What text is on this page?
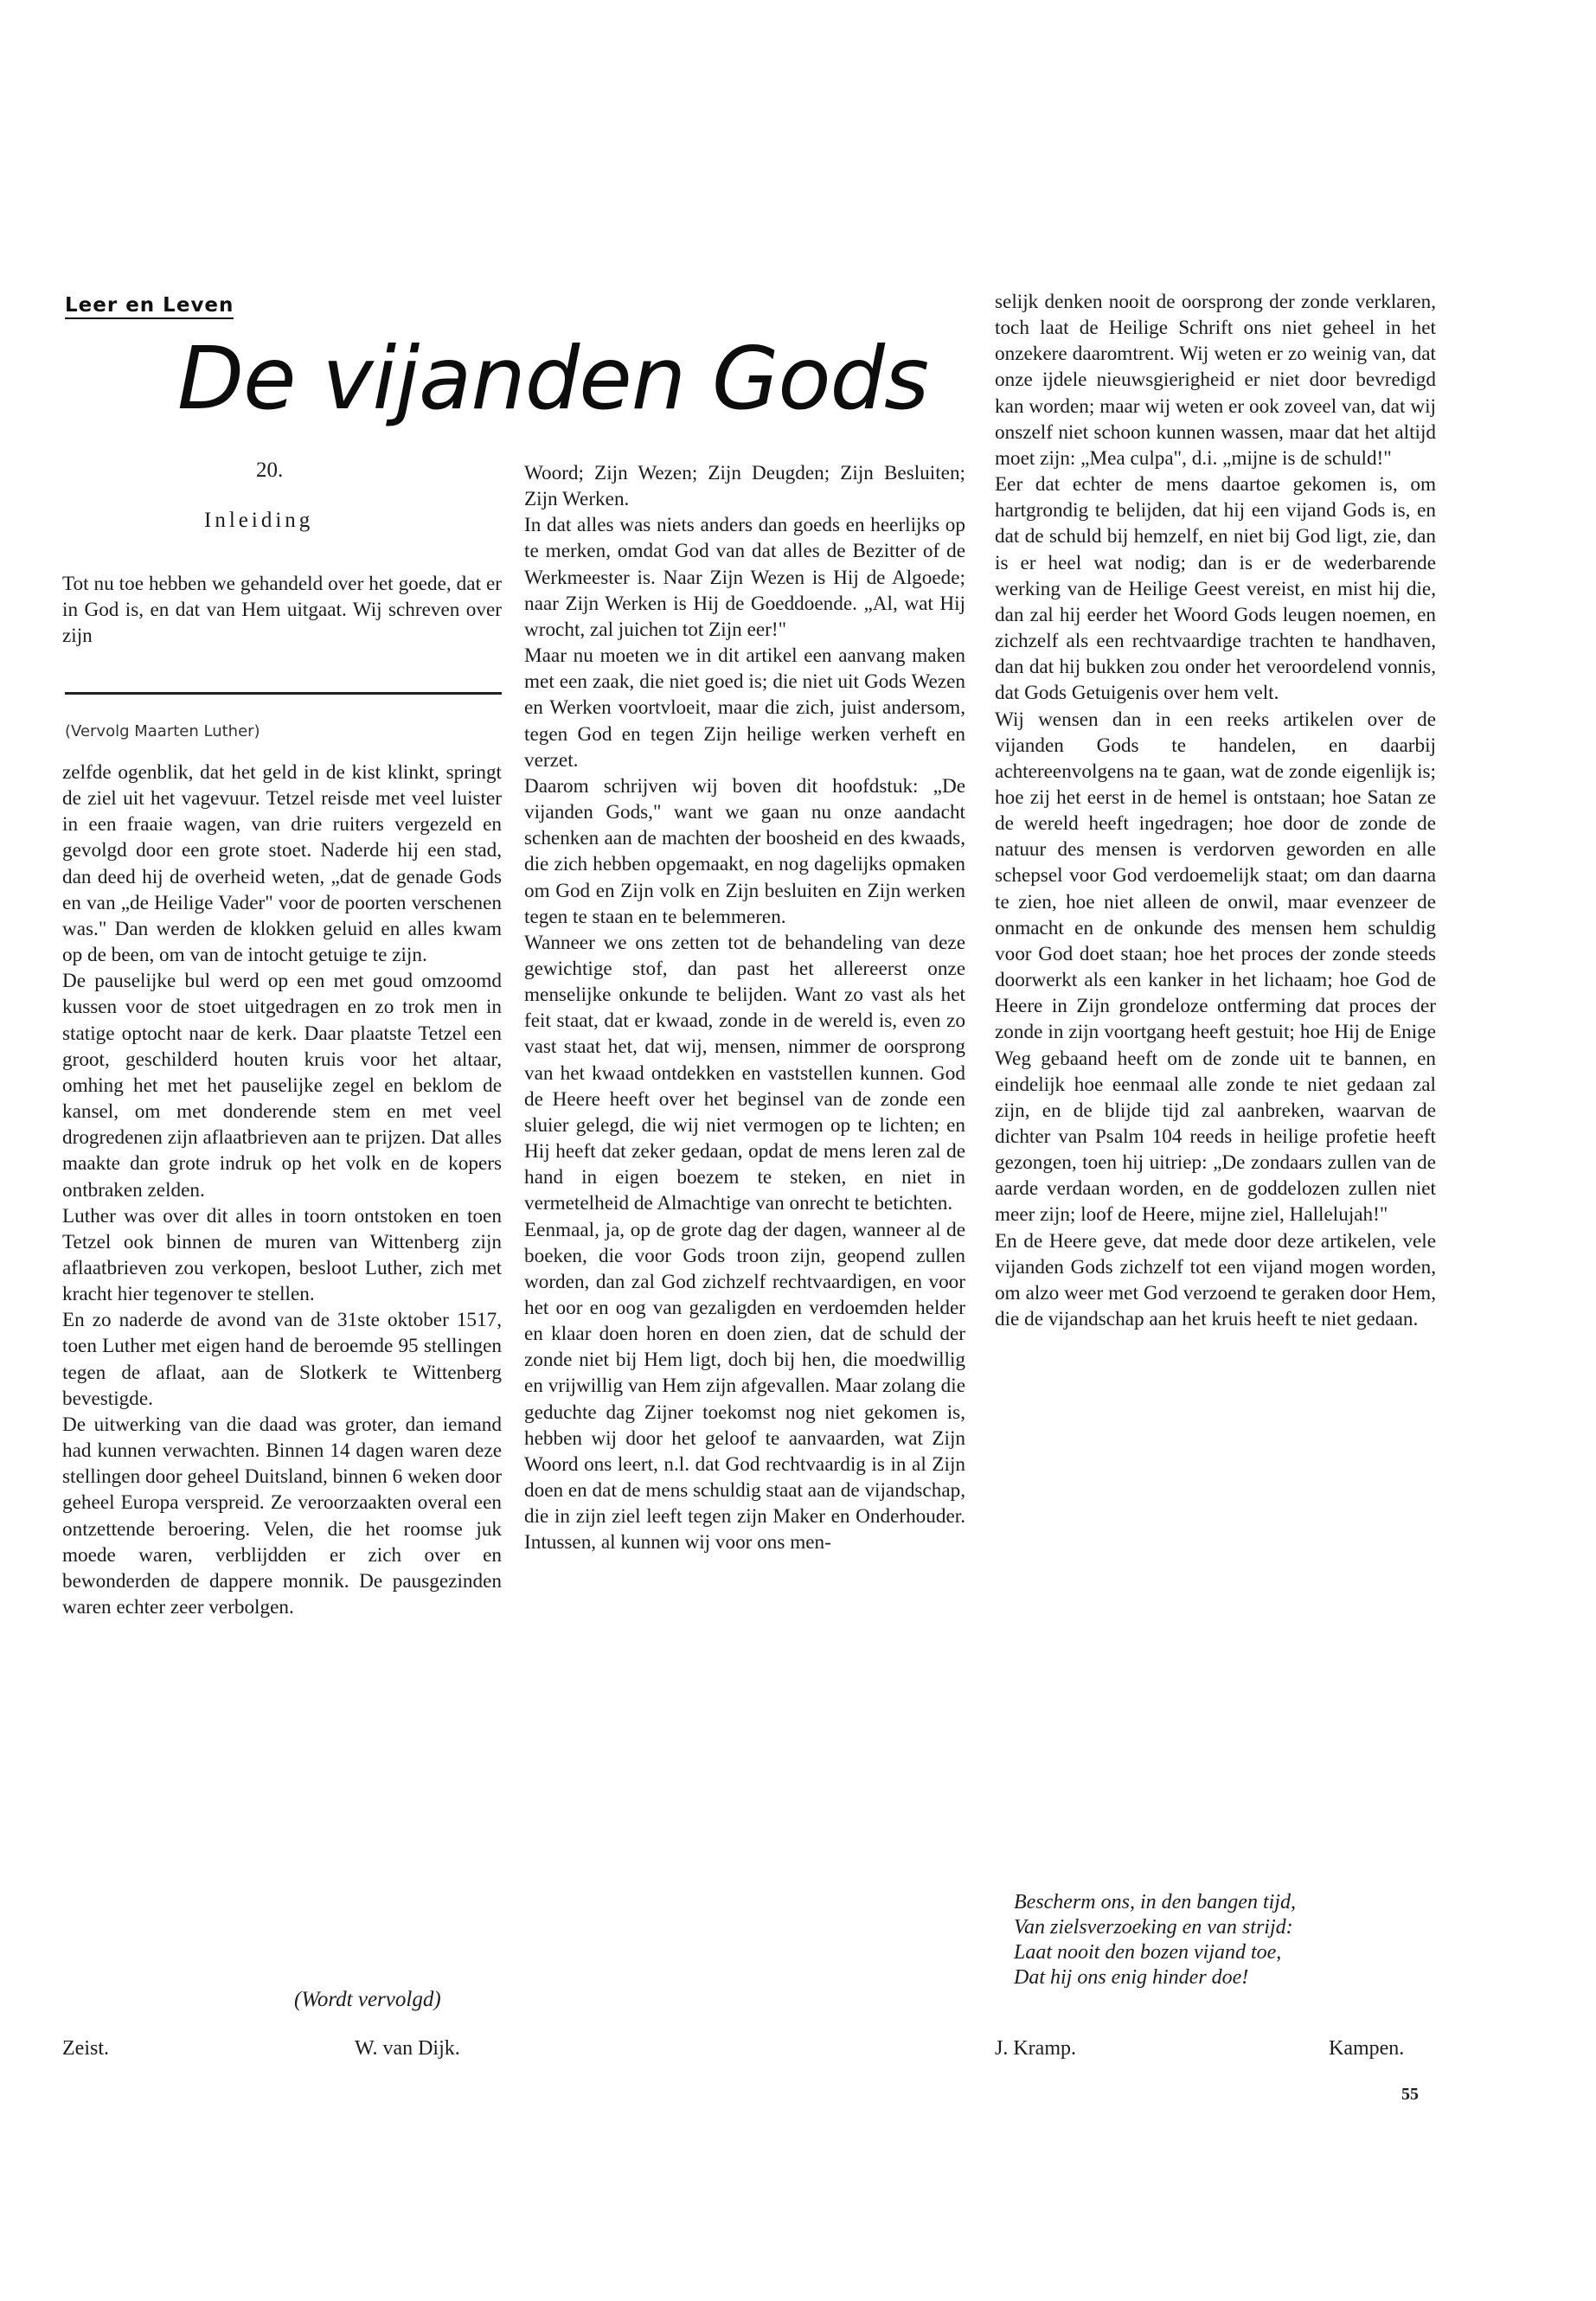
Leer en Leven
De vijanden Gods
20.
Inleiding

Tot nu toe hebben we gehandeld over het goede, dat er in God is, en dat van Hem uitgaat. Wij schreven over zijn

(Vervolg Maarten Luther)

zelfde ogenblik, dat het geld in de kist klinkt, springt de ziel uit het vagevuur. Tetzel reisde met veel luister in een fraaie wagen, van drie ruiters vergezeld en gevolgd door een grote stoet. Naderde hij een stad, dan deed hij de overheid weten, „dat de genade Gods en van „de Heilige Vader" voor de poorten verschenen was." Dan werden de klokken geluid en alles kwam op de been, om van de intocht getuige te zijn.

De pauselijke bul werd op een met goud omzoomd kussen voor de stoet uitgedragen en zo trok men in statige optocht naar de kerk. Daar plaatste Tetzel een groot, geschilderd houten kruis voor het altaar, omhing het met het pauselijke zegel en beklom de kansel, om met donderende stem en met veel drogredenen zijn aflaatbrieven aan te prijzen. Dat alles maakte dan grote indruk op het volk en de kopers ontbraken zelden.

Luther was over dit alles in toorn ontstoken en toen Tetzel ook binnen de muren van Wittenberg zijn aflaatbrieven zou verkopen, besloot Luther, zich met kracht hier tegenover te stellen.

En zo naderde de avond van de 31ste oktober 1517, toen Luther met eigen hand de beroemde 95 stellingen tegen de aflaat, aan de Slotkerk te Wittenberg bevestigde.

De uitwerking van die daad was groter, dan iemand had kunnen verwachten. Binnen 14 dagen waren deze stellingen door geheel Duitsland, binnen 6 weken door geheel Europa verspreid. Ze veroorzaakten overal een ontzettende beroering. Velen, die het roomse juk moede waren, verblijdden er zich over en bewonderden de dappere monnik. De pausgezinden waren echter zeer verbolgen.

(Wordt vervolgd)
Zeist.	W. van Dijk.

Woord; Zijn Wezen; Zijn Deugden; Zijn Besluiten; Zijn Werken.

In dat alles was niets anders dan goeds en heerlijks op te merken, omdat God van dat alles de Bezitter of de Werkmeester is. Naar Zijn Wezen is Hij de Algoede; naar Zijn Werken is Hij de Goeddoende. „Al, wat Hij wrocht, zal juichen tot Zijn eer!"

Maar nu moeten we in dit artikel een aanvang maken met een zaak, die niet goed is; die niet uit Gods Wezen en Werken voortvloeit, maar die zich, juist andersom, tegen God en tegen Zijn heilige werken verheft en verzet.

Daarom schrijven wij boven dit hoofdstuk: „De vijanden Gods," want we gaan nu onze aandacht schenken aan de machten der boosheid en des kwaads, die zich hebben opgemaakt, en nog dagelijks opmaken om God en Zijn volk en Zijn besluiten en Zijn werken tegen te staan en te belemmeren.

Wanneer we ons zetten tot de behandeling van deze gewichtige stof, dan past het allereerst onze menselijke onkunde te belijden. Want zo vast als het feit staat, dat er kwaad, zonde in de wereld is, even zo vast staat het, dat wij, mensen, nimmer de oorsprong van het kwaad ontdekken en vaststellen kunnen. God de Heere heeft over het beginsel van de zonde een sluier gelegd, die wij niet vermogen op te lichten; en Hij heeft dat zeker gedaan, opdat de mens leren zal de hand in eigen boezem te steken, en niet in vermetelheid de Almachtige van onrecht te betichten.

Eenmaal, ja, op de grote dag der dagen, wanneer al de boeken, die voor Gods troon zijn, geopend zullen worden, dan zal God zichzelf rechtvaardigen, en voor het oor en oog van gezaligden en verdoemden helder en klaar doen horen en doen zien, dat de schuld der zonde niet bij Hem ligt, doch bij hen, die moedwillig en vrijwillig van Hem zijn afgevallen. Maar zolang die geduchte dag Zijner toekomst nog niet gekomen is, hebben wij door het geloof te aanvaarden, wat Zijn Woord ons leert, n.l. dat God rechtvaardig is in al Zijn doen en dat de mens schuldig staat aan de vijandschap, die in zijn ziel leeft tegen zijn Maker en Onderhouder. Intussen, al kunnen wij voor ons men-

selijk denken nooit de oorsprong der zonde verklaren, toch laat de Heilige Schrift ons niet geheel in het onzekere daaromtrent. Wij weten er zo weinig van, dat onze ijdele nieuwsgierigheid er niet door bevredigd kan worden; maar wij weten er ook zoveel van, dat wij onszelf niet schoon kunnen wassen, maar dat het altijd moet zijn: „Mea culpa", d.i. „mijne is de schuld!"

Eer dat echter de mens daartoe gekomen is, om hartgrondig te belijden, dat hij een vijand Gods is, en dat de schuld bij hemzelf, en niet bij God ligt, zie, dan is er heel wat nodig; dan is er de wederbarende werking van de Heilige Geest vereist, en mist hij die, dan zal hij eerder het Woord Gods leugen noemen, en zichzelf als een rechtvaardige trachten te handhaven, dan dat hij bukken zou onder het veroordelend vonnis, dat Gods Getuigenis over hem velt.

Wij wensen dan in een reeks artikelen over de vijanden Gods te handelen, en daarbij achtereenvolgens na te gaan, wat de zonde eigenlijk is; hoe zij het eerst in de hemel is ontstaan; hoe Satan ze de wereld heeft ingedragen; hoe door de zonde de natuur des mensen is verdorven geworden en alle schepsel voor God verdoemelijk staat; om dan daarna te zien, hoe niet alleen de onwil, maar evenzeer de onmacht en de onkunde des mensen hem schuldig voor God doet staan; hoe het proces der zonde steeds doorwerkt als een kanker in het lichaam; hoe God de Heere in Zijn grondeloze ontferming dat proces der zonde in zijn voortgang heeft gestuit; hoe Hij de Enige Weg gebaand heeft om de zonde uit te bannen, en eindelijk hoe eenmaal alle zonde te niet gedaan zal zijn, en de blijde tijd zal aanbreken, waarvan de dichter van Psalm 104 reeds in heilige profetie heeft gezongen, toen hij uitriep: „De zondaars zullen van de aarde verdaan worden, en de goddelozen zullen niet meer zijn; loof de Heere, mijne ziel, Hallelujah!"

En de Heere geve, dat mede door deze artikelen, vele vijanden Gods zichzelf tot een vijand mogen worden, om alzo weer met God verzoend te geraken door Hem, die de vijandschap aan het kruis heeft te niet gedaan.

Bescherm ons, in den bangen tijd,
Van zielsverzoeking en van strijd:
Laat nooit den bozen vijand toe,
Dat hij ons enig hinder doe!
J. Kramp.	Kampen.
55
